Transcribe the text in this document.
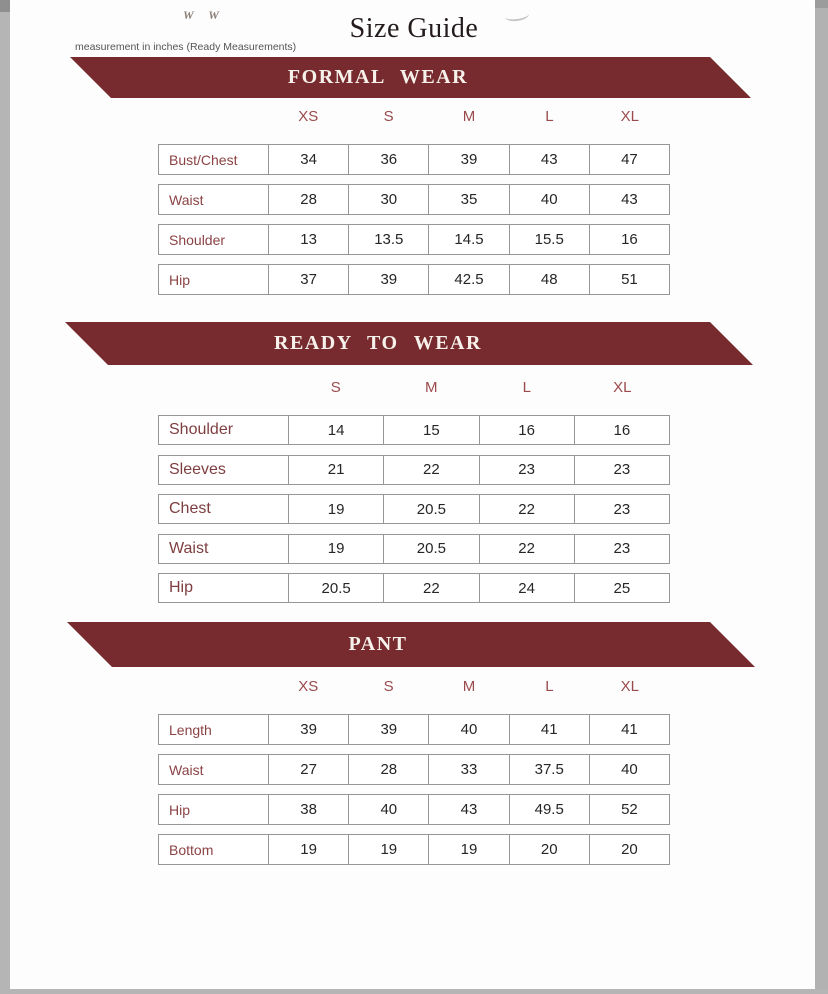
W W	Size Guide
measurement in inches (Ready Measurements)
FORMAL WEAR
XS	S	M	L	XL
Bust/Chest	34	36	39	43	47
Waist	28	30	35	40	43
Shoulder	13	13.5	14.5	15.5	16
Hip	37	39	42.5	48	51
READY TO WEAR
S	M	L	XL
Shoulder	14	15	16	16
Sleeves	21	22	23	23
Chest	19	20.5	22	23
Waist	19	20.5	22	23
Hip	20.5	22	24	25
PANT
XS	S	M	L	XL
Length	39	39	40	41	41
Waist	27	28	33	37.5	40
Hip	38	40	43	49.5	52
Bottom	19	19	19	20	20
